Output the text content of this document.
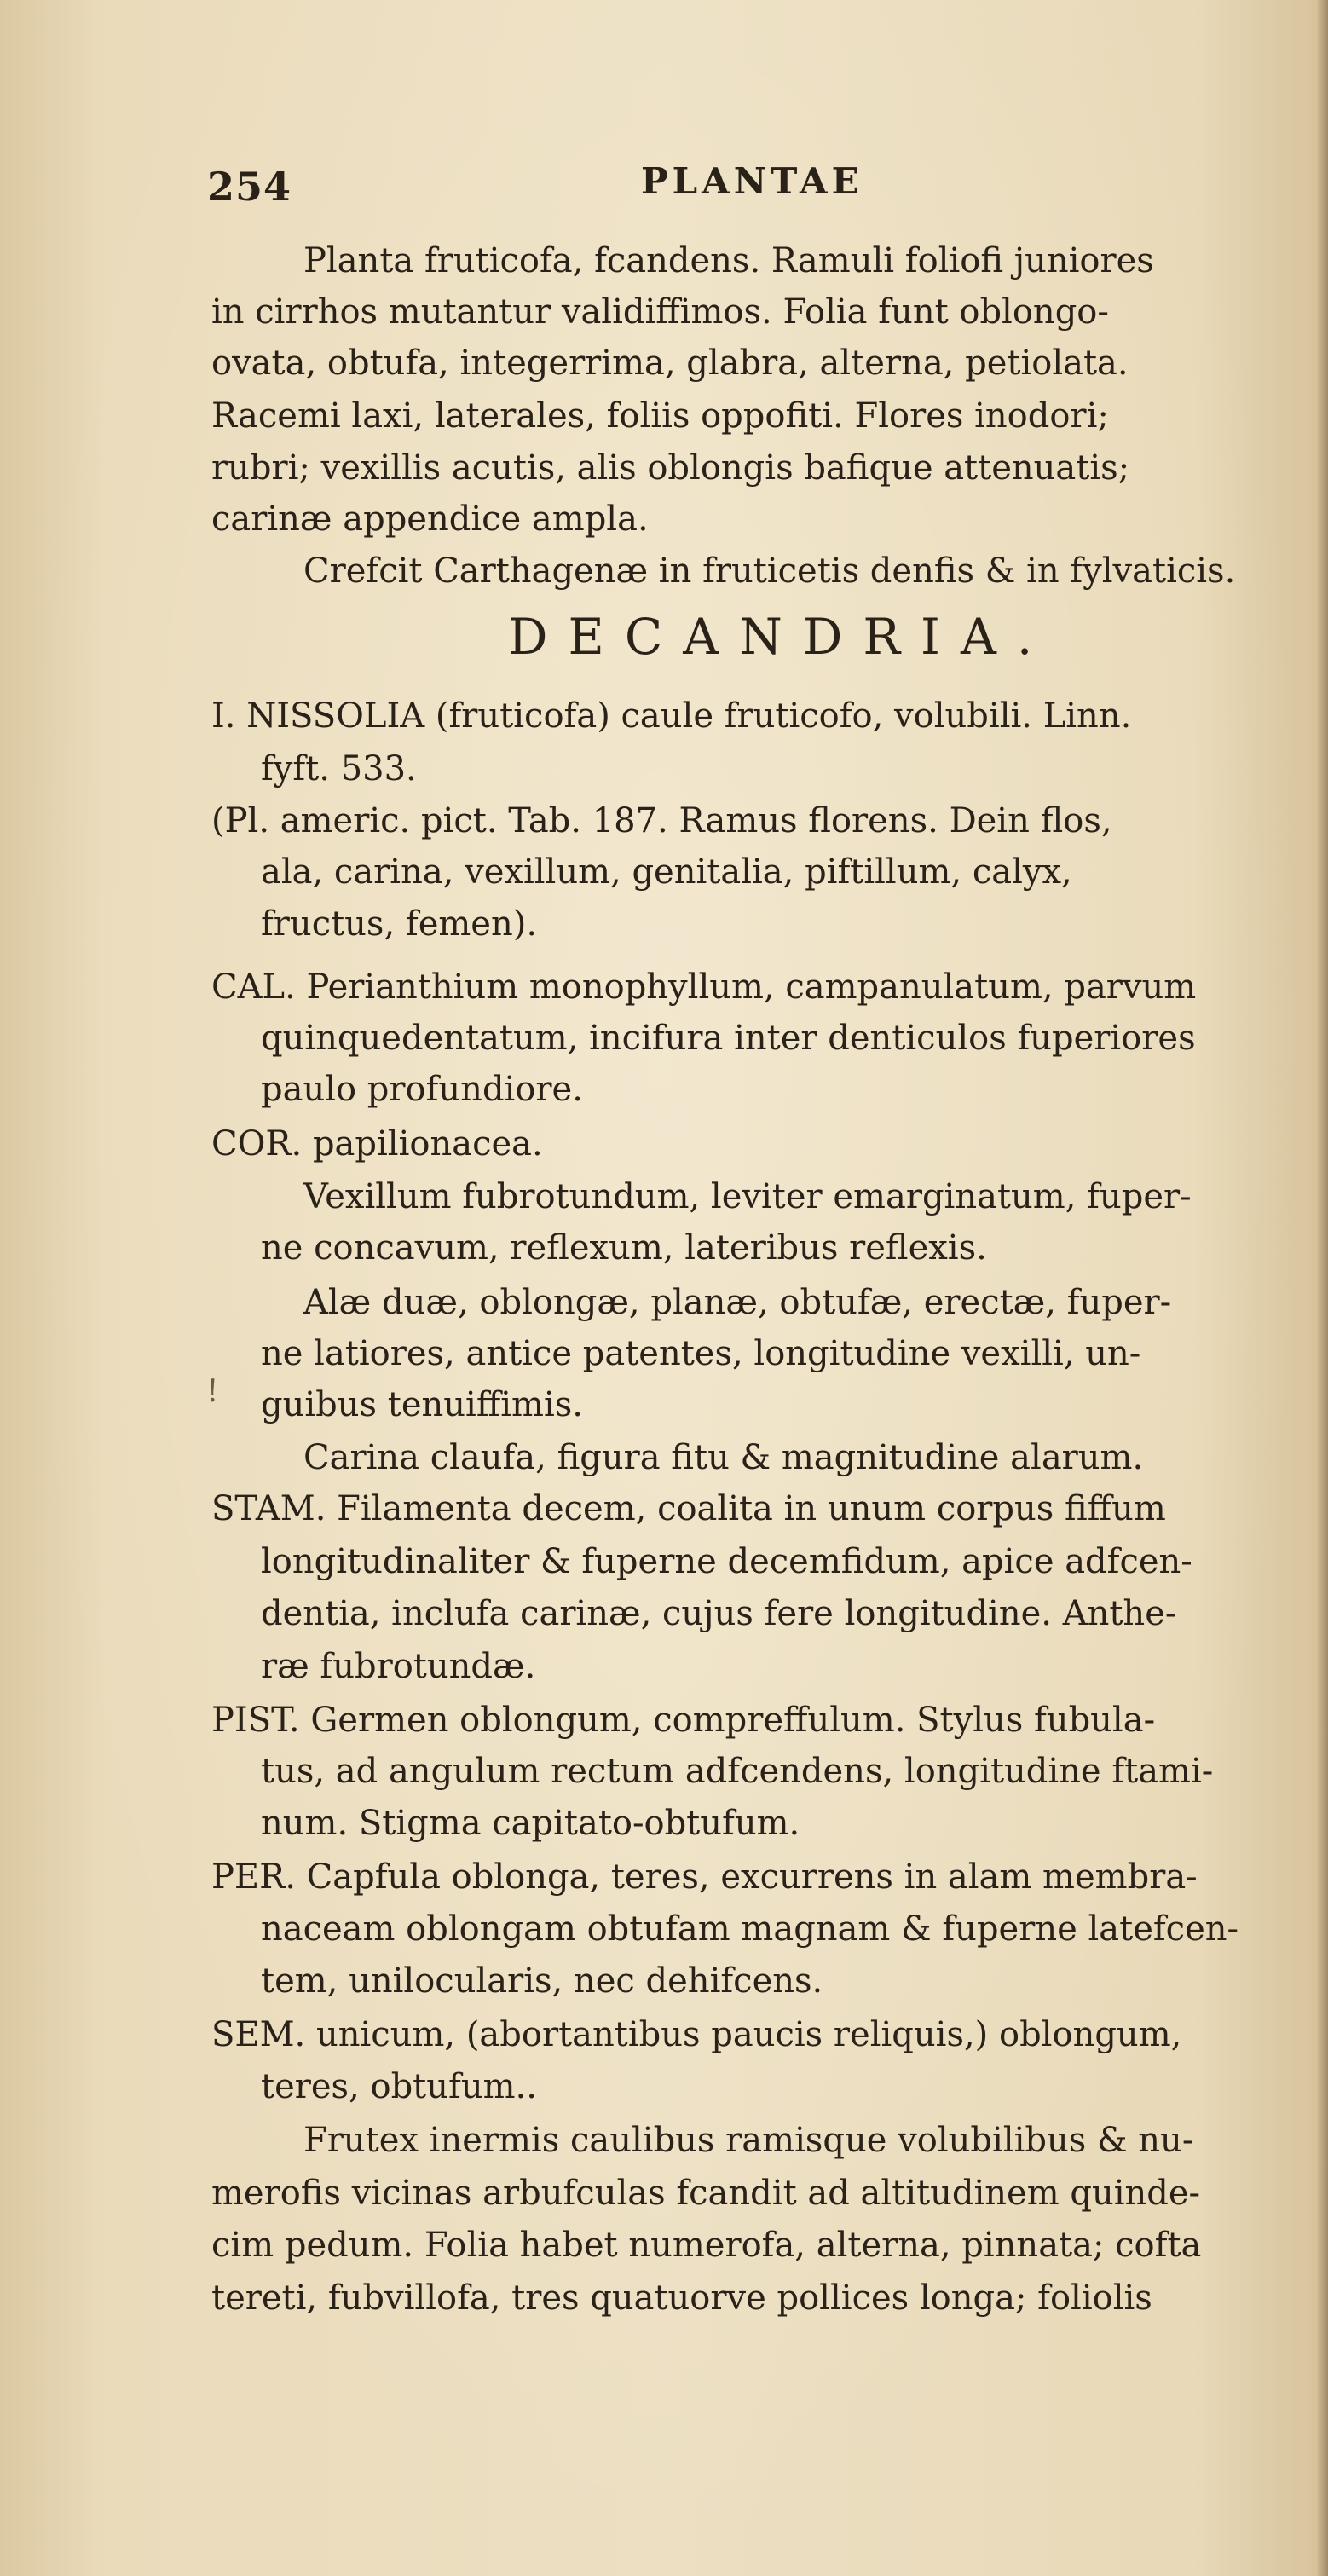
254	PLANTAE
DECANDRIA.
!
Planta fruticofa, fcandens. Ramuli foliofi juniores
in cirrhos mutantur validiffimos. Folia funt oblongo-
ovata, obtufa, integerrima, glabra, alterna, petiolata.
Racemi laxi, laterales, foliis oppofiti. Flores inodori;
rubri; vexillis acutis, alis oblongis bafique attenuatis;
carinæ appendice ampla.
Crefcit Carthagenæ in fruticetis denfis & in fylvaticis.
I. NISSOLIA (fruticofa) caule fruticofo, volubili. Linn.
fyft. 533.
(Pl. americ. pict. Tab. 187. Ramus florens. Dein flos,
ala, carina, vexillum, genitalia, piftillum, calyx,
fructus, femen).
CAL. Perianthium monophyllum, campanulatum, parvum
quinquedentatum, incifura inter denticulos fuperiores
paulo profundiore.
COR. papilionacea.
Vexillum fubrotundum, leviter emarginatum, fuper-
ne concavum, reflexum, lateribus reflexis.
Alæ duæ, oblongæ, planæ, obtufæ, erectæ, fuper-
ne latiores, antice patentes, longitudine vexilli, un-
guibus tenuiffimis.
Carina claufa, figura fitu & magnitudine alarum.
STAM. Filamenta decem, coalita in unum corpus fiffum
longitudinaliter & fuperne decemfidum, apice adfcen-
dentia, inclufa carinæ, cujus fere longitudine. Anthe-
ræ fubrotundæ.
PIST. Germen oblongum, compreffulum. Stylus fubula-
tus, ad angulum rectum adfcendens, longitudine ftami-
num. Stigma capitato-obtufum.
PER. Capfula oblonga, teres, excurrens in alam membra-
naceam oblongam obtufam magnam & fuperne latefcen-
tem, unilocularis, nec dehifcens.
SEM. unicum, (abortantibus paucis reliquis,) oblongum,
teres, obtufum..
Frutex inermis caulibus ramisque volubilibus & nu-
merofis vicinas arbufculas fcandit ad altitudinem quinde-
cim pedum. Folia habet numerofa, alterna, pinnata; cofta
tereti, fubvillofa, tres quatuorve pollices longa; foliolis
